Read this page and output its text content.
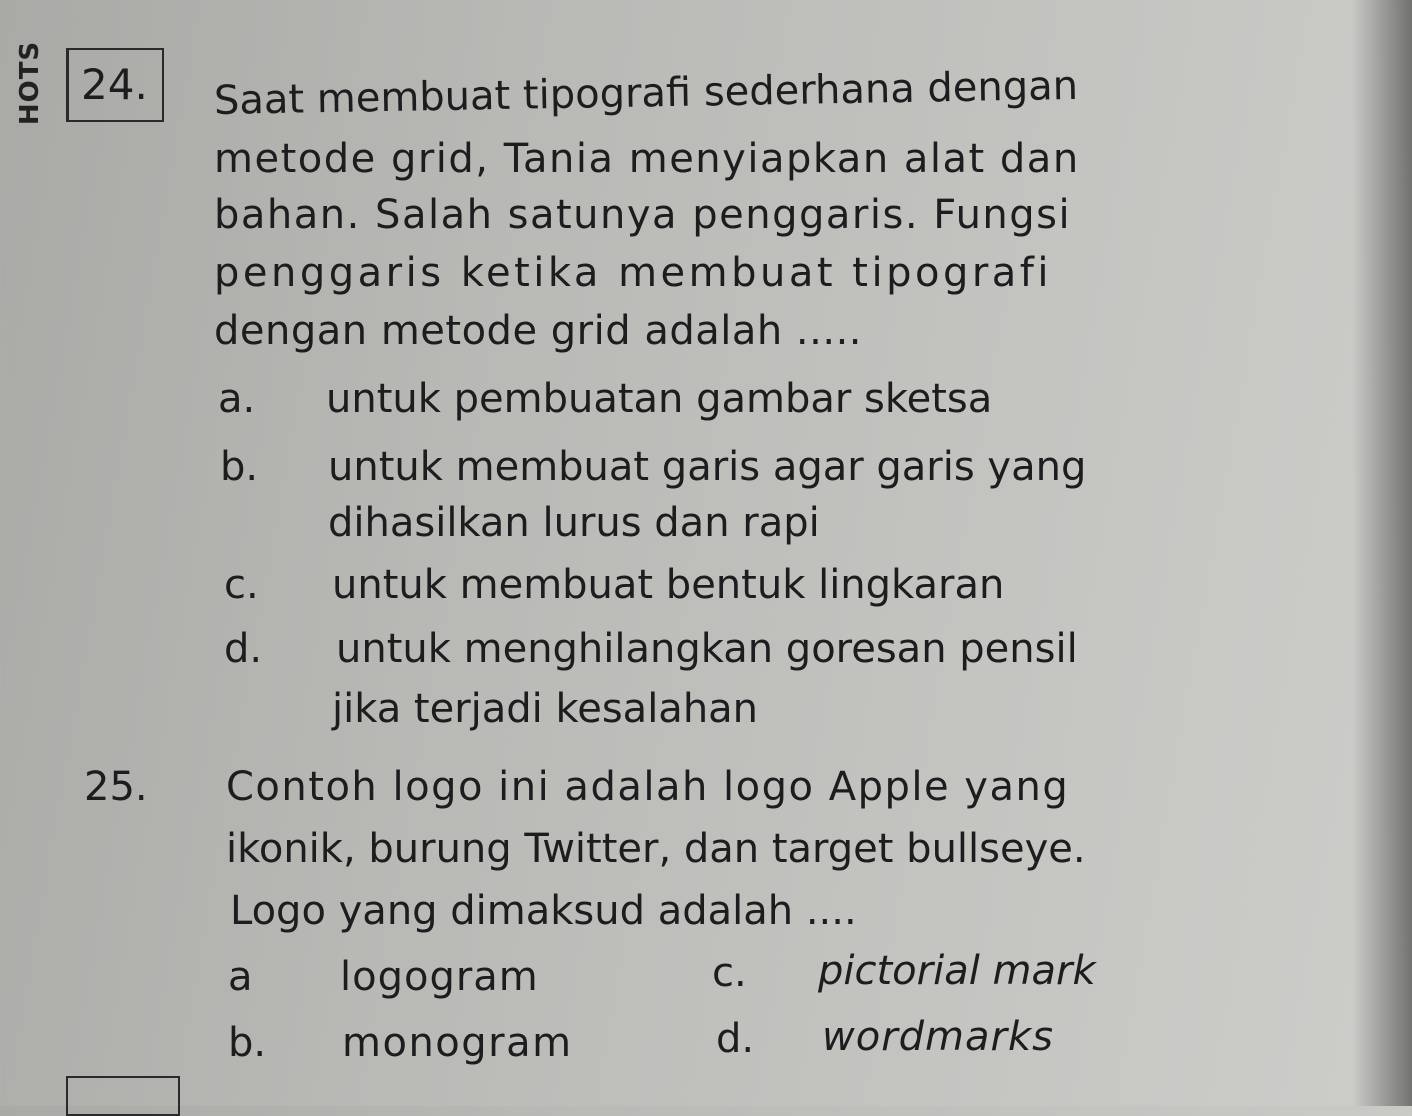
HOTS 24.	Saat membuat tipografi sederhana dengan
metode grid, Tania menyiapkan alat dan
bahan. Salah satunya penggaris. Fungsi
penggaris ketika membuat tipografi
dengan metode grid adalah .....
a. untuk pembuatan gambar sketsa
b. untuk membuat garis agar garis yang
dihasilkan lurus dan rapi
c. untuk membuat bentuk lingkaran
d. untuk menghilangkan goresan pensil
jika terjadi kesalahan
25. Contoh logo ini adalah logo Apple yang
ikonik, burung Twitter, dan target bullseye.
Logo yang dimaksud adalah ....
a logogram	c. pictorial mark
b. monogram	d. wordmarks
